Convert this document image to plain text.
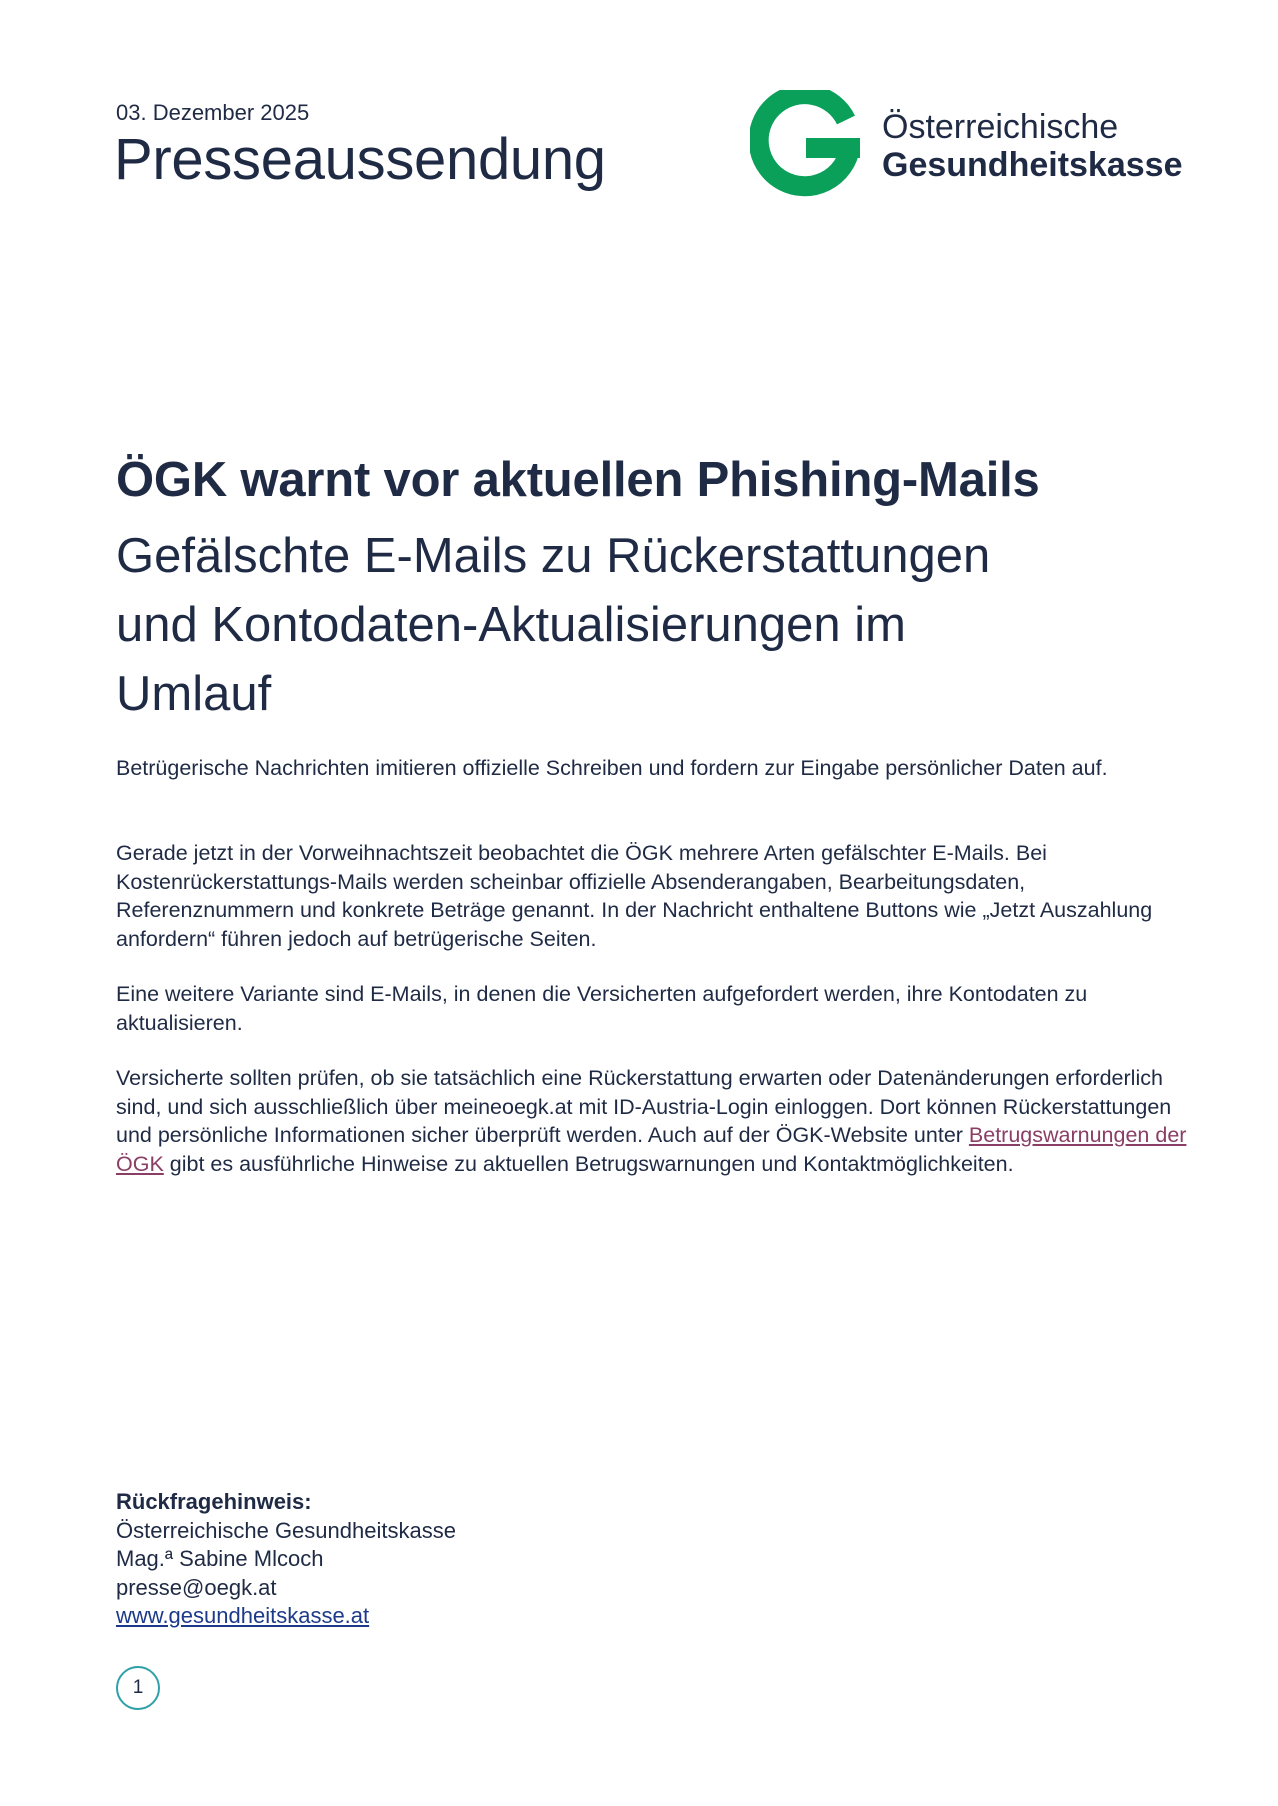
03. Dezember 2025
Presseaussendung	Österreichische
Gesundheitskasse
ÖGK warnt vor aktuellen Phishing-Mails
Gefälschte E-Mails zu Rückerstattungen
und Kontodaten-Aktualisierungen im
Umlauf

Betrügerische Nachrichten imitieren offizielle Schreiben und fordern zur Eingabe persönlicher Daten auf.

Gerade jetzt in der Vorweihnachtszeit beobachtet die ÖGK mehrere Arten gefälschter E-Mails. Bei Kostenrückerstattungs-Mails werden scheinbar offizielle Absenderangaben, Bearbeitungsdaten, Referenznummern und konkrete Beträge genannt. In der Nachricht enthaltene Buttons wie „Jetzt Auszahlung anfordern“ führen jedoch auf betrügerische Seiten.

Eine weitere Variante sind E-Mails, in denen die Versicherten aufgefordert werden, ihre Kontodaten zu aktualisieren.

Versicherte sollten prüfen, ob sie tatsächlich eine Rückerstattung erwarten oder Datenänderungen erforderlich sind, und sich ausschließlich über meineoegk.at mit ID-Austria-Login einloggen. Dort können Rückerstattungen und persönliche Informationen sicher überprüft werden. Auch auf der ÖGK-Website unter Betrugswarnungen der ÖGK gibt es ausführliche Hinweise zu aktuellen Betrugswarnungen und Kontaktmöglichkeiten.

Rückfragehinweis:
Österreichische Gesundheitskasse
Mag.ª Sabine Mlcoch
presse@oegk.at
www.gesundheitskasse.at
1
